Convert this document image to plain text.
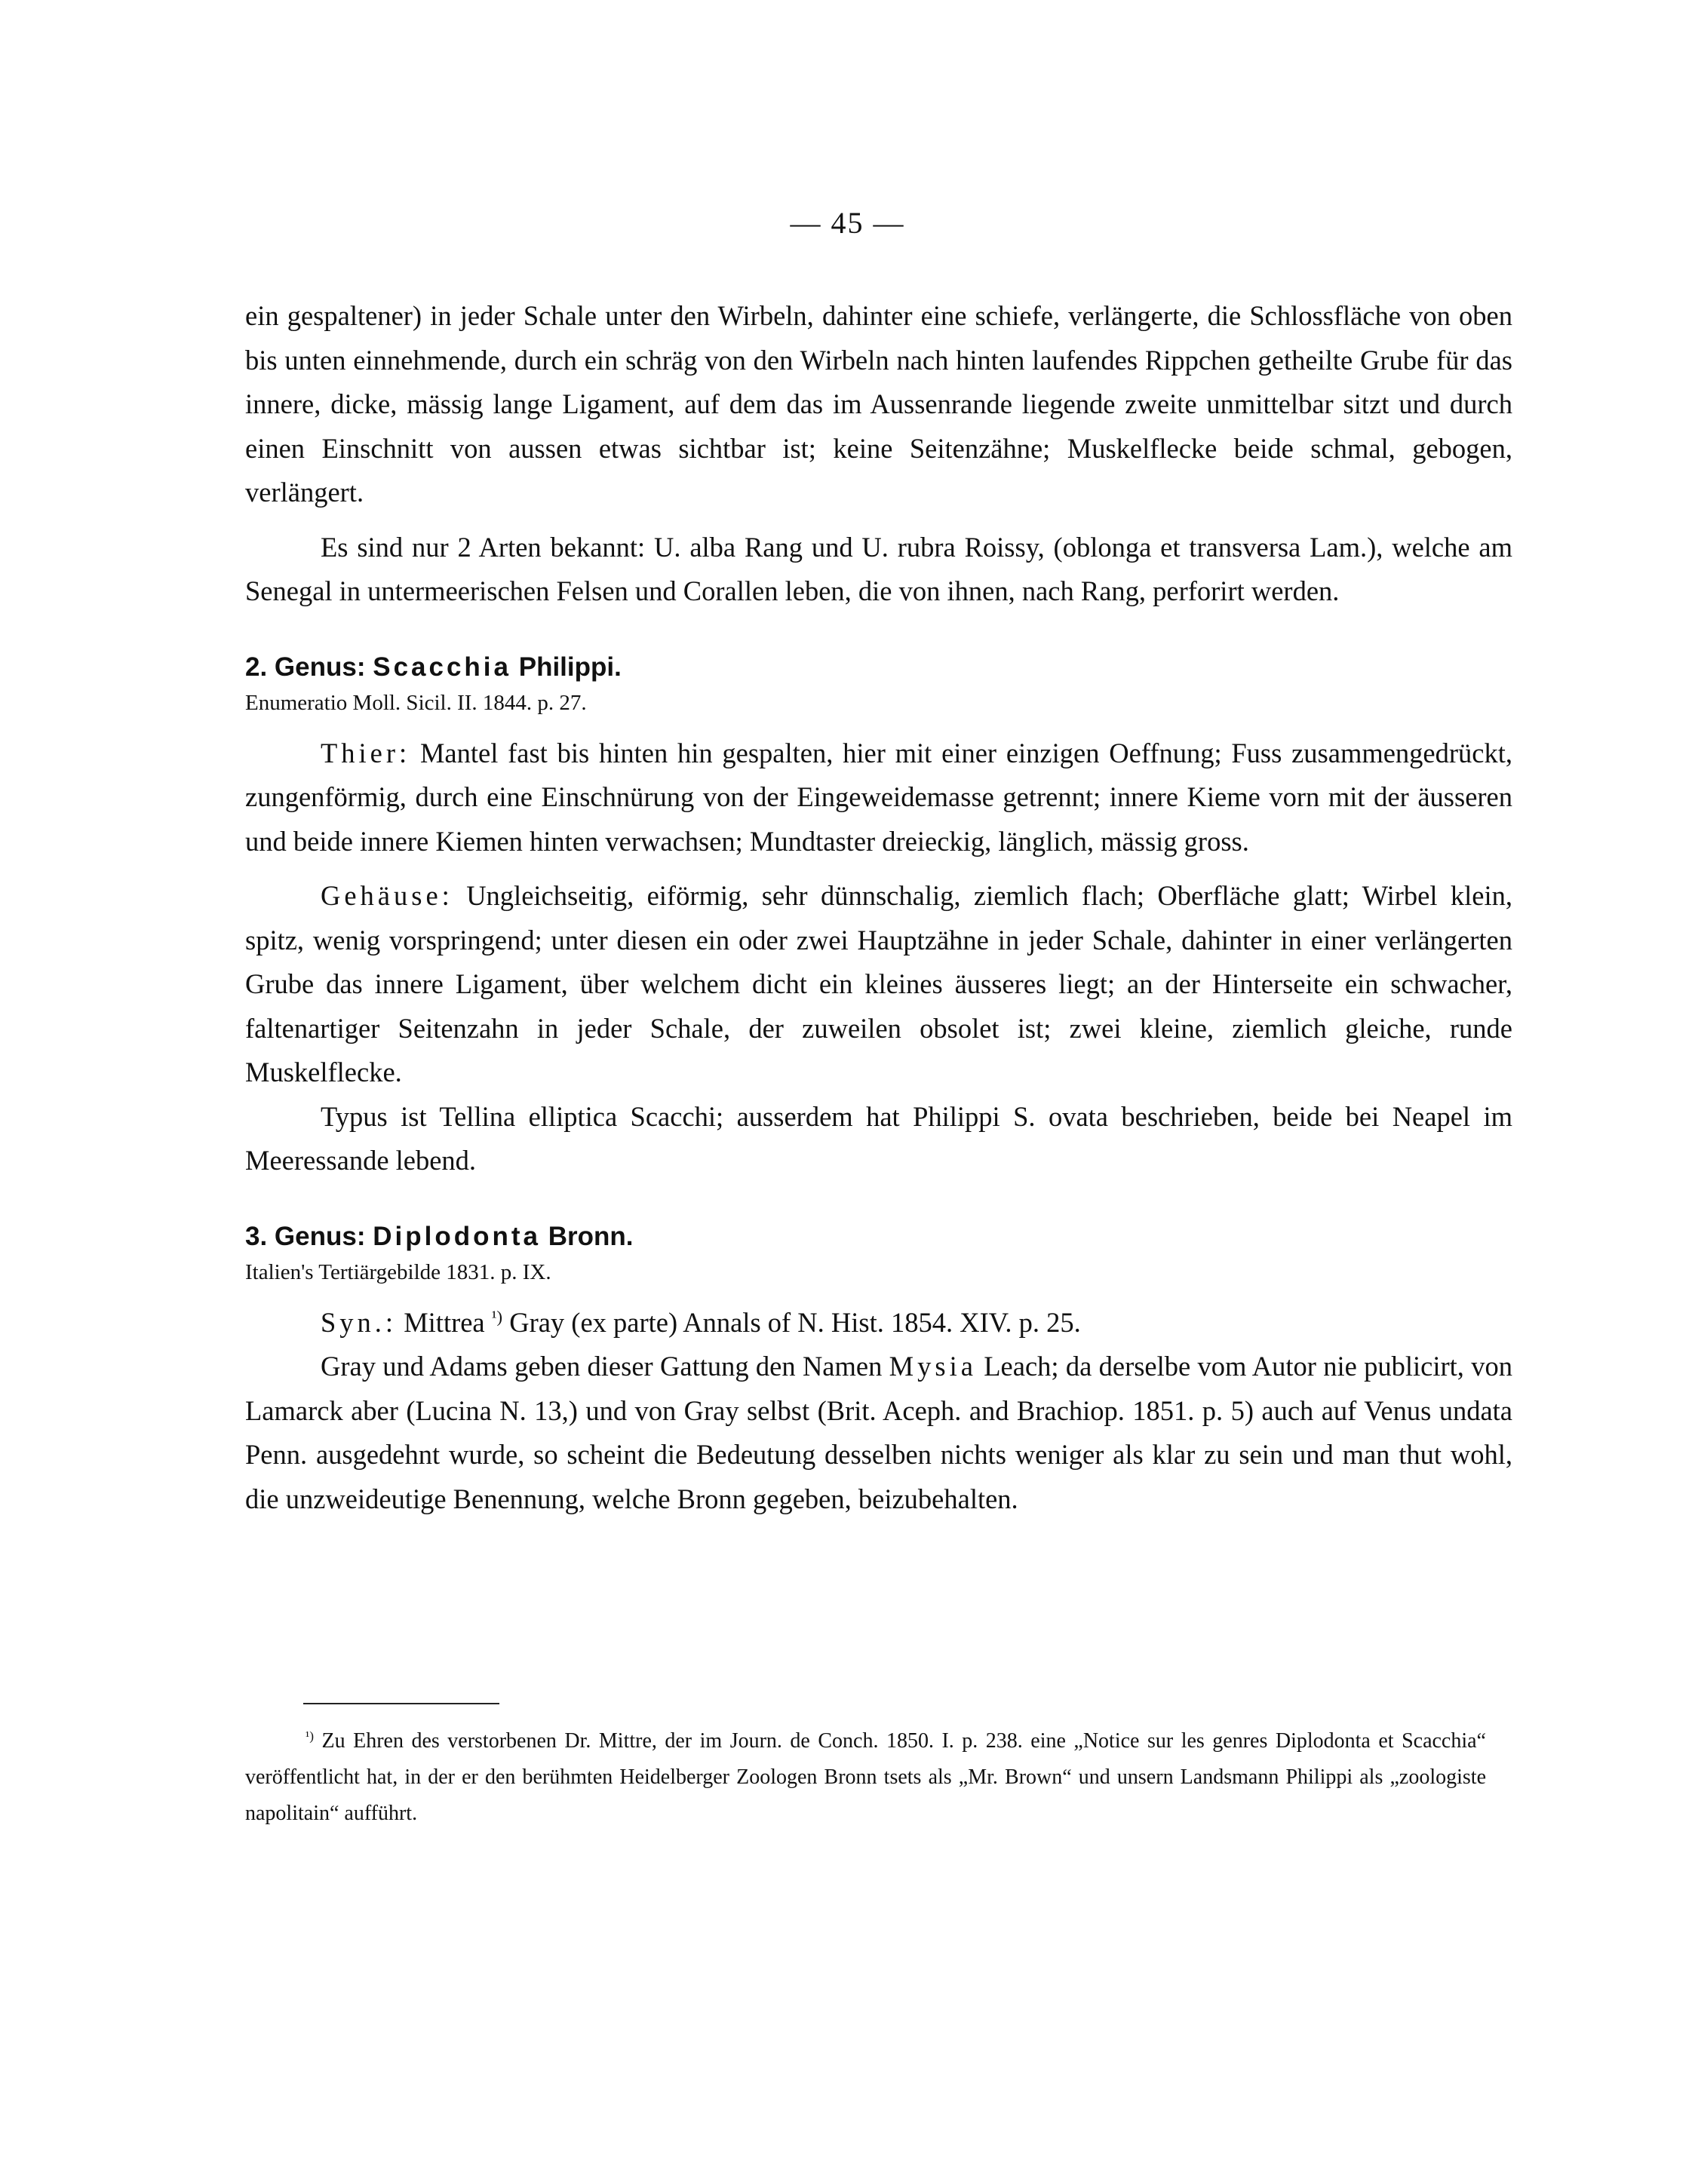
— 45 —

ein gespaltener) in jeder Schale unter den Wirbeln, dahinter eine schiefe, verlängerte, die Schlossfläche von oben bis unten einnehmende, durch ein schräg von den Wirbeln nach hinten laufendes Rippchen getheilte Grube für das innere, dicke, mässig lange Ligament, auf dem das im Aussenrande liegende zweite unmittelbar sitzt und durch einen Einschnitt von aussen etwas sichtbar ist; keine Seitenzähne; Muskelflecke beide schmal, gebogen, verlängert.

Es sind nur 2 Arten bekannt: U. alba Rang und U. rubra Roissy, (oblonga et transversa Lam.), welche am Senegal in untermeerischen Felsen und Corallen leben, die von ihnen, nach Rang, perforirt werden.

2. Genus: Scacchia Philippi.

Enumeratio Moll. Sicil. II. 1844. p. 27.

Thier: Mantel fast bis hinten hin gespalten, hier mit einer einzigen Oeffnung; Fuss zusammengedrückt, zungenförmig, durch eine Einschnürung von der Eingeweidemasse getrennt; innere Kieme vorn mit der äusseren und beide innere Kiemen hinten verwachsen; Mundtaster dreieckig, länglich, mässig gross.

Gehäuse: Ungleichseitig, eiförmig, sehr dünnschalig, ziemlich flach; Oberfläche glatt; Wirbel klein, spitz, wenig vorspringend; unter diesen ein oder zwei Hauptzähne in jeder Schale, dahinter in einer verlängerten Grube das innere Ligament, über welchem dicht ein kleines äusseres liegt; an der Hinterseite ein schwacher, faltenartiger Seitenzahn in jeder Schale, der zuweilen obsolet ist; zwei kleine, ziemlich gleiche, runde Muskelflecke.

Typus ist Tellina elliptica Scacchi; ausserdem hat Philippi S. ovata beschrieben, beide bei Neapel im Meeressande lebend.

3. Genus: Diplodonta Bronn.

Italien's Tertiärgebilde 1831. p. IX.

Syn.: Mittrea $^{^1)}$ Gray (ex parte) Annals of N. Hist. 1854. XIV. p. 25.

Gray und Adams geben dieser Gattung den Namen Mysia Leach; da derselbe vom Autor nie publicirt, von Lamarck aber (Lucina N. 13,) und von Gray selbst (Brit. Aceph. and Brachiop. 1851. p. 5) auch auf Venus undata Penn. ausgedehnt wurde, so scheint die Bedeutung desselben nichts weniger als klar zu sein und man thut wohl, die unzweideutige Benennung, welche Bronn gegeben, beizubehalten.

$^{^1)}$ Zu Ehren des verstorbenen Dr. Mittre, der im Journ. de Conch. 1850. I. p. 238. eine „Notice sur les genres Diplodonta et Scacchia“ veröffentlicht hat, in der er den berühmten Heidelberger Zoologen Bronn tsets als „Mr. Brown“ und unsern Landsmann Philippi als „zoologiste napolitain“ aufführt.
